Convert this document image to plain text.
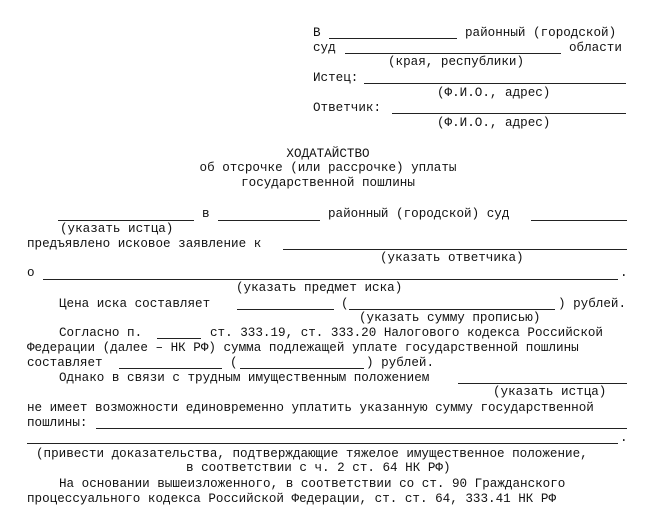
В	районный (городской)
суд	области
(края, республики)
Истец:
(Ф.И.О., адрес)
Ответчик:
(Ф.И.О., адрес)
ХОДАТАЙСТВО
об отсрочке (или рассрочке) уплаты
государственной пошлины
в	районный (городской) суд
(указать истца)
предъявлено исковое заявление к
(указать ответчика)
о	.
(указать предмет иска)
Цена иска составляет	(	) рублей.
(указать сумму прописью)
Согласно п.	ст. 333.19, ст. 333.20 Налогового кодекса Российской
Федерации (далее – НК РФ) сумма подлежащей уплате государственной пошлины
составляет	(	) рублей.
Однако в связи с трудным имущественным положением
(указать истца)
не имеет возможности единовременно уплатить указанную сумму государственной
пошлины:
.
(привести доказательства, подтверждающие тяжелое имущественное положение,
в соответствии с ч. 2 ст. 64 НК РФ)
На основании вышеизложенного, в соответствии со ст. 90 Гражданского
процессуального кодекса Российской Федерации, ст. ст. 64, 333.41 НК РФ
